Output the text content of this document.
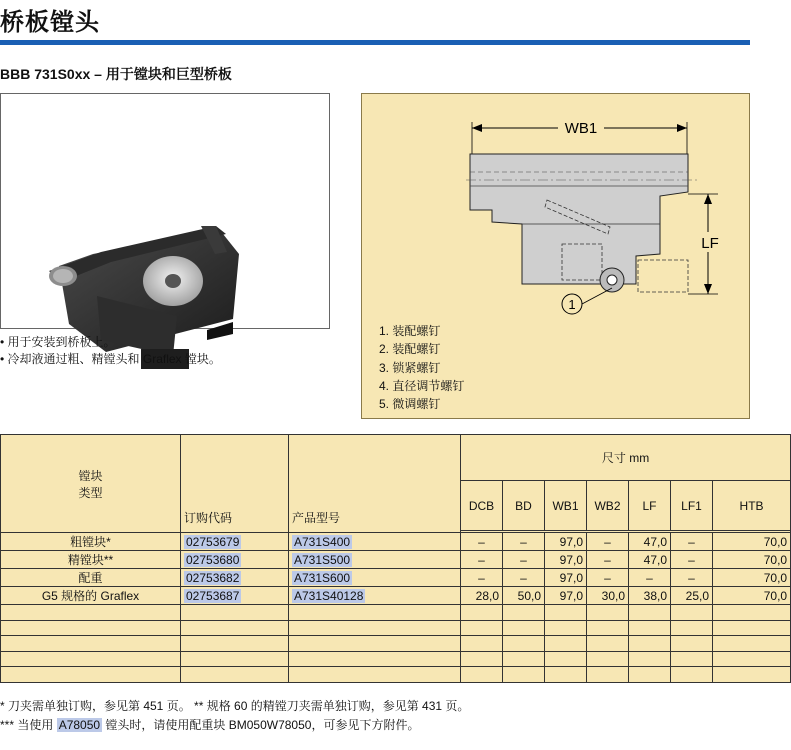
桥板镗头
BBB 731S0xx – 用于镗块和巨型桥板
• 用于安装到桥板上。
• 冷却液通过粗、精镗头和 Graflex 镗块。
WB1
LF
1
1. 装配螺钉
2. 装配螺钉
3. 锁紧螺钉
4. 直径调节螺钉
5. 微调螺钉
镗块
类型	订购代码	产品型号	尺寸 mm						
			DCB	BD	WB1	WB2	LF	LF1	HTB

粗镗块*	02753679	A731S400	–	–	97,0	–	47,0	–	70,0
精镗块**	02753680	A731S500	–	–	97,0	–	47,0	–	70,0
配重	02753682	A731S600	–	–	97,0	–	–	–	70,0
G5 规格的 Graflex	02753687	A731S40128	28,0	50,0	97,0	30,0	38,0	25,0	70,0

* 刀夹需单独订购，参见第 451 页。 ** 规格 60 的精镗刀夹需单独订购，参见第 431 页。
*** 当使用 A78050 镗头时，请使用配重块 BM050W78050，可参见下方附件。
